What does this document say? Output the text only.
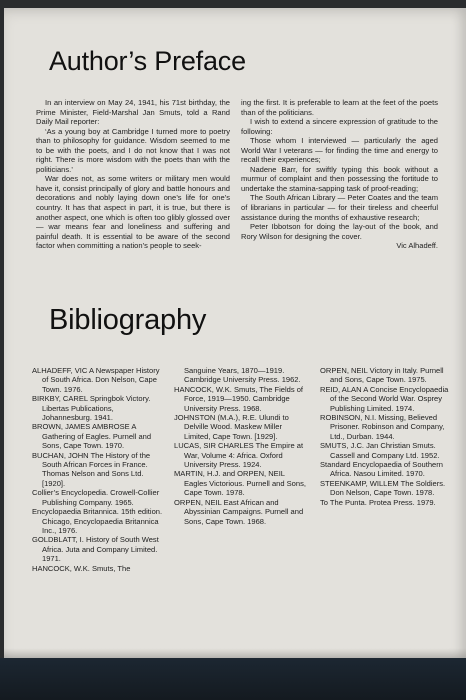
Author’s Preface

In an interview on May 24, 1941, his 71st birthday, the Prime Minister, Field-Marshal Jan Smuts, told a Rand Daily Mail reporter:

‘As a young boy at Cambridge I turned more to poetry than to philosophy for guidance. Wisdom seemed to me to be with the poets, and I do not know that I was not right. There is more wisdom with the poets than with the politicians.’

War does not, as some writers or military men would have it, consist principally of glory and battle honours and decorations and nobly laying down one’s life for one’s country. It has that aspect in part, it is true, but there is another aspect, one which is often too glibly glossed over — war means fear and loneliness and suffering and painful death. It is essential to be aware of the second factor when committing a nation’s people to seek-

ing the first. It is preferable to learn at the feet of the poets than of the politicians.

I wish to extend a sincere expression of gratitude to the following:

Those whom I interviewed — particularly the aged World War I veterans — for finding the time and energy to recall their experiences;

Nadene Barr, for swiftly typing this book without a murmur of complaint and then possessing the fortitude to undertake the stamina-sapping task of proof-reading;

The South African Library — Peter Coates and the team of librarians in particular — for their tireless and cheerful assistance during the months of exhaustive research;

Peter Ibbotson for doing the lay-out of the book, and Rory Wilson for designing the cover.

Vic Alhadeff.

Bibliography

ALHADEFF, VIC A Newspaper History of South Africa. Don Nelson, Cape Town. 1976.

BIRKBY, CAREL Springbok Victory. Libertas Publications, Johannesburg. 1941.

BROWN, JAMES AMBROSE A Gathering of Eagles. Purnell and Sons, Cape Town. 1970.

BUCHAN, JOHN The History of the South African Forces in France. Thomas Nelson and Sons Ltd. [1920].

Collier’s Encyclopedia. Crowell-Collier Publishing Company. 1965.

Encyclopaedia Britannica. 15th edition. Chicago, Encyclopaedia Britannica Inc., 1976.

GOLDBLATT, I. History of South West Africa. Juta and Company Limited. 1971.

HANCOCK, W.K. Smuts, The

Sanguine Years, 1870—1919. Cambridge University Press. 1962.

HANCOCK, W.K. Smuts, The Fields of Force, 1919—1950. Cambridge University Press. 1968.

JOHNSTON (M.A.), R.E. Ulundi to Delville Wood. Maskew Miller Limited, Cape Town. [1929].

LUCAS, SIR CHARLES The Empire at War, Volume 4: Africa. Oxford University Press. 1924.

MARTIN, H.J. and ORPEN, NEIL Eagles Victorious. Purnell and Sons, Cape Town. 1978.

ORPEN, NEIL East African and Abyssinian Campaigns. Purnell and Sons, Cape Town. 1968.

ORPEN, NEIL Victory in Italy. Purnell and Sons, Cape Town. 1975.

REID, ALAN A Concise Encyclopaedia of the Second World War. Osprey Publishing Limited. 1974.

ROBINSON, N.I. Missing, Believed Prisoner. Robinson and Company, Ltd., Durban. 1944.

SMUTS, J.C. Jan Christian Smuts. Cassell and Company Ltd. 1952.

Standard Encyclopaedia of Southern Africa. Nasou Limited. 1970.

STEENKAMP, WILLEM The Soldiers. Don Nelson, Cape Town. 1978.

To The Punta. Protea Press. 1979.
